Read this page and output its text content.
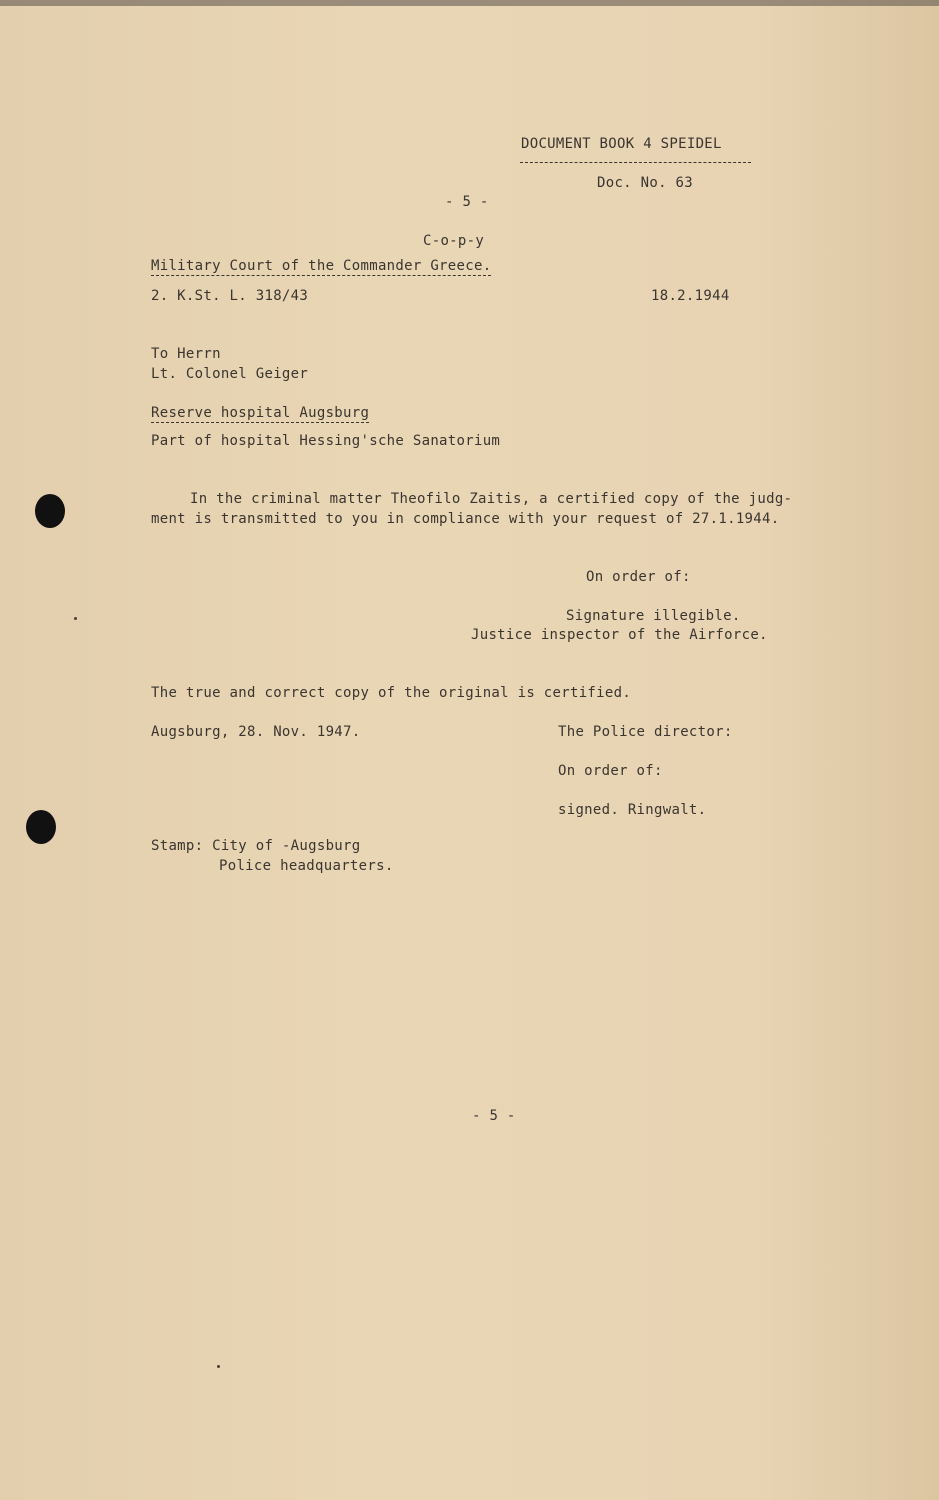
DOCUMENT BOOK 4 SPEIDEL
Doc. No. 63
- 5 -
C-o-p-y
Military Court of the Commander Greece.
2. K.St. L. 318/43	18.2.1944
To Herrn
Lt. Colonel Geiger
Reserve hospital Augsburg
Part of hospital Hessing'sche Sanatorium
In the criminal matter Theofilo Zaitis, a certified copy of the judg-
ment is transmitted to you in compliance with your request of 27.1.1944.
On order of:
Signature illegible.
Justice inspector of the Airforce.
The true and correct copy of the original is certified.
Augsburg, 28. Nov. 1947.	The Police director:
On order of:
signed. Ringwalt.
Stamp: City of -Augsburg
Police headquarters.
- 5 -
